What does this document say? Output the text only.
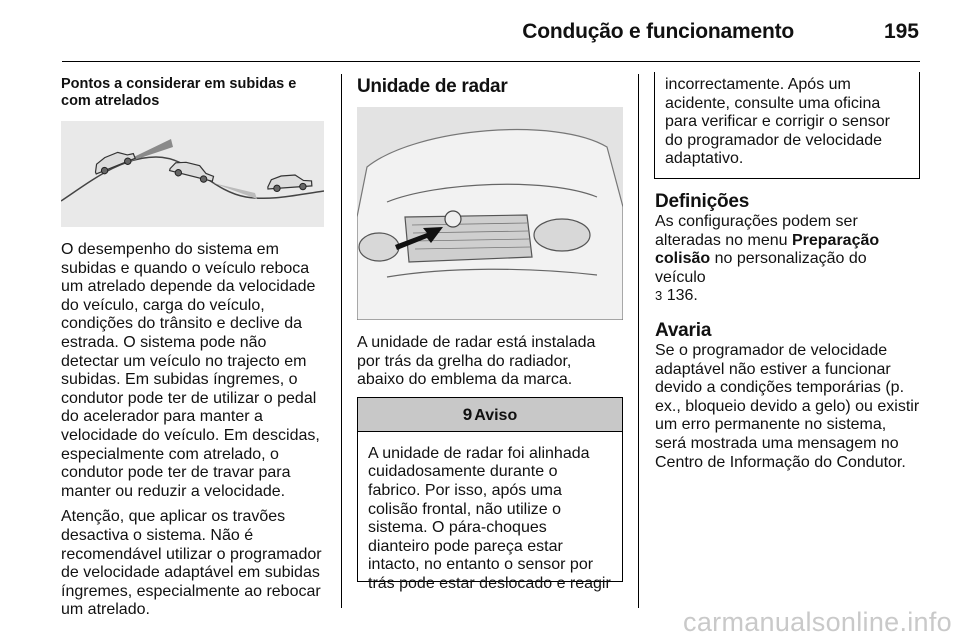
Condução e funcionamento	195
Pontos a considerar em subidas e com atrelados

O desempenho do sistema em subidas e quando o veículo reboca um atrelado depende da velocidade do veículo, carga do veículo, condições do trânsito e declive da estrada. O sistema pode não detectar um veículo no trajecto em subidas. Em subidas íngremes, o condutor pode ter de utilizar o pedal do acelerador para manter a velocidade do veículo. Em descidas, especialmente com atrelado, o condutor pode ter de travar para manter ou reduzir a velocidade.

Atenção, que aplicar os travões desactiva o sistema. Não é recomendável utilizar o programador de velocidade adaptável em subidas íngremes, especialmente ao rebocar um atrelado.

Unidade de radar

A unidade de radar está instalada por trás da grelha do radiador, abaixo do emblema da marca.

9 Aviso
A unidade de radar foi alinhada cuidadosamente durante o fabrico. Por isso, após uma colisão frontal, não utilize o sistema. O pára-choques dianteiro pode pareça estar intacto, no entanto o sensor por trás pode estar deslocado e reagir
incorrectamente. Após um acidente, consulte uma oficina para verificar e corrigir o sensor do programador de velocidade adaptativo.
Definições

As configurações podem ser alteradas no menu Preparação colisão no personalização do veículo
3 136.

Avaria

Se o programador de velocidade adaptável não estiver a funcionar devido a condições temporárias (p. ex., bloqueio devido a gelo) ou existir um erro permanente no sistema, será mostrada uma mensagem no Centro de Informação do Condutor.

carmanualsonline.info
